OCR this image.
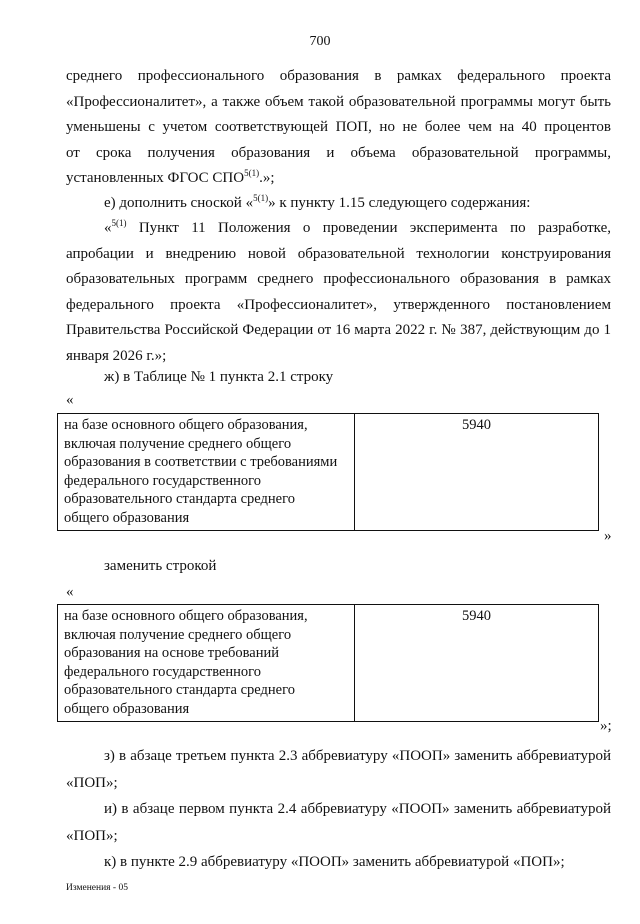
700
среднего профессионального образования в рамках федерального проекта
«Профессионалитет», а также объем такой образовательной программы могут быть
уменьшены с учетом соответствующей ПОП, но не более чем на 40 процентов
от срока получения образования и объема образовательной программы,
установленных ФГОС $СПО^{5(1)}$.»;
е) дополнить сноской «$^{5(1)}$» к пункту 1.15 следующего содержания:
«$^{5(1)}$ Пункт 11 Положения о проведении эксперимента по разработке,
апробации и внедрению новой образовательной технологии конструирования
образовательных программ среднего профессионального образования в рамках
федерального проекта «Профессионалитет», утвержденного постановлением
Правительства Российской Федерации от 16 марта 2022 г. № 387, действующим до 1
января 2026 г.»;
ж) в Таблице № 1 пункта 2.1 строку
«
на базе основного общего образования,
включая получение среднего общего
образования в соответствии с требованиями
федерального государственного
образовательного стандарта среднего
общего образования
	5940
»
заменить строкой
«
на базе основного общего образования,
включая получение среднего общего
образования на основе требований
федерального государственного
образовательного стандарта среднего
общего образования
	5940
»;
з) в абзаце третьем пункта 2.3 аббревиатуру «ПООП» заменить аббревиатурой
«ПОП»;
и) в абзаце первом пункта 2.4 аббревиатуру «ПООП» заменить аббревиатурой
«ПОП»;
к) в пункте 2.9 аббревиатуру «ПООП» заменить аббревиатурой «ПОП»;
Изменения - 05
